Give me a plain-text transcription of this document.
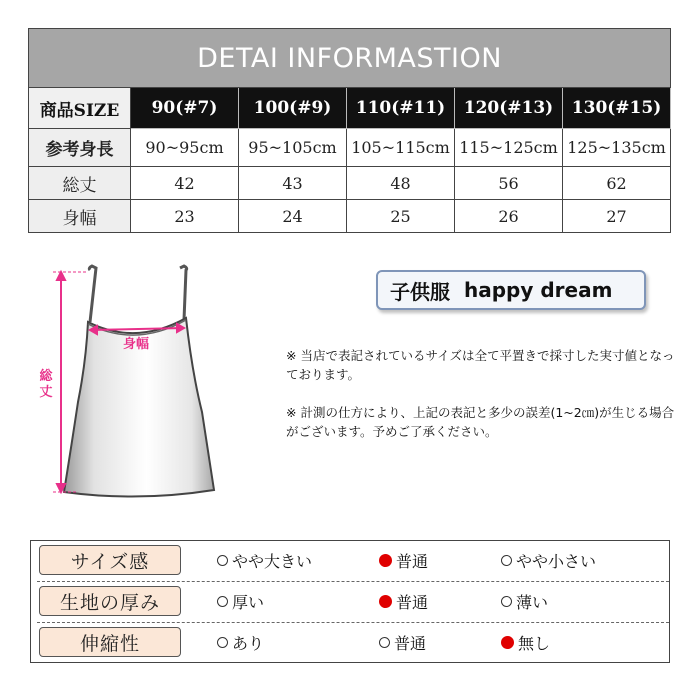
DETAI INFORMASTION					
商品SIZE	90(#7)	100(#9)	110(#11)	120(#13)	130(#15)
参考身長	90~95cm	95~105cm	105~115cm	115~125cm	125~135cm
総丈	42	43	48	56	62
身幅	23	24	25	26	27
身幅
総
丈
子供服 happy dream

※ 当店で表記されているサイズは全て平置きで採寸した実寸値となっております。

※ 計測の仕方により、上記の表記と多少の誤差(1~2㎝)が生じる場合がございます。予めご了承ください。

サイズ感	やや大きい	普通	やや小さい
生地の厚み	厚い	普通	薄い
伸縮性	あり	普通	無し
